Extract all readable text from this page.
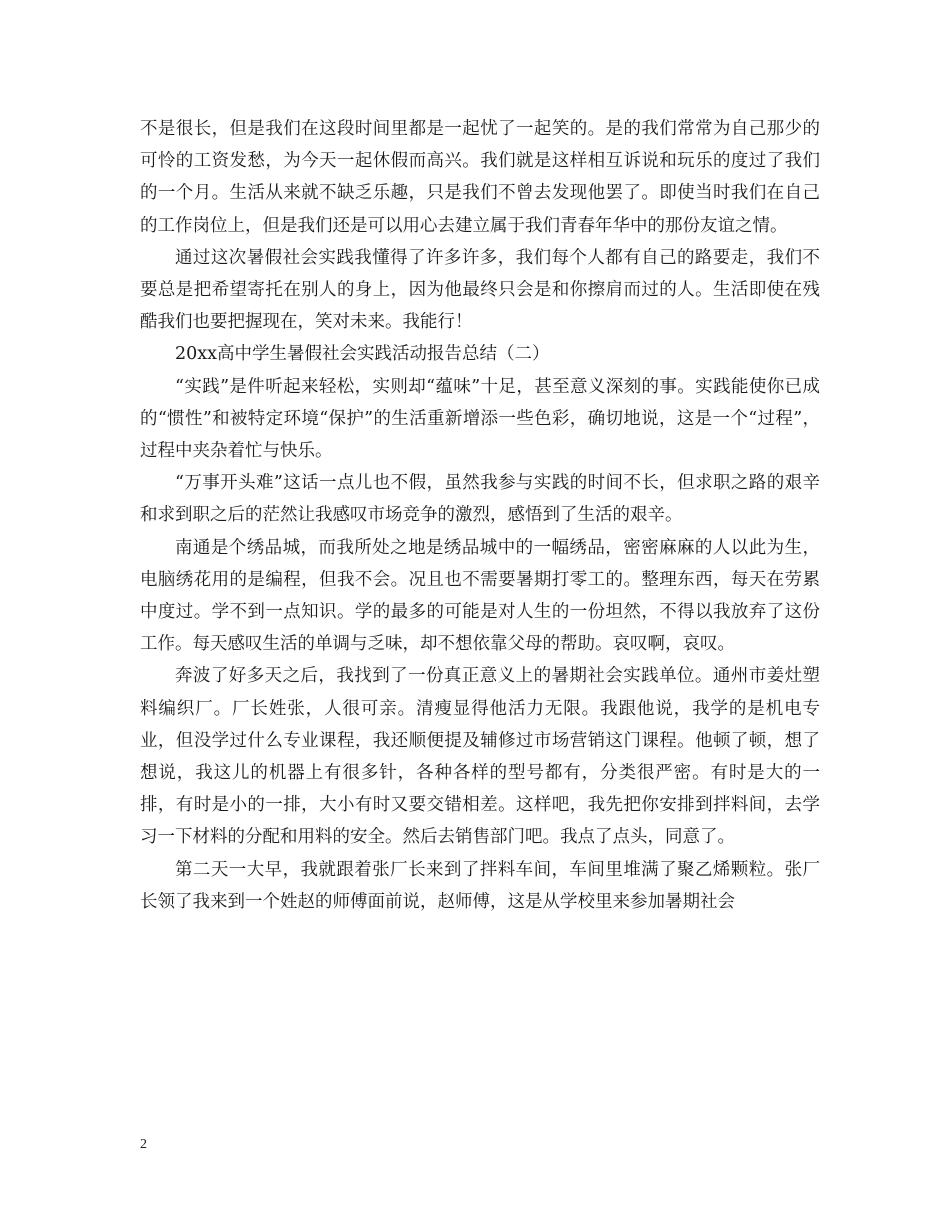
不是很长，但是我们在这段时间里都是一起忧了一起笑的。是的我们常常为自己那少的可怜的工资发愁，为今天一起休假而高兴。我们就是这样相互诉说和玩乐的度过了我们的一个月。生活从来就不缺乏乐趣，只是我们不曾去发现他罢了。即使当时我们在自己的工作岗位上，但是我们还是可以用心去建立属于我们青春年华中的那份友谊之情。

通过这次暑假社会实践我懂得了许多许多，我们每个人都有自己的路要走，我们不要总是把希望寄托在别人的身上，因为他最终只会是和你擦肩而过的人。生活即使在残酷我们也要把握现在，笑对未来。我能行！

20xx高中学生暑假社会实践活动报告总结（二）

“实践”是件听起来轻松，实则却“蕴味”十足，甚至意义深刻的事。实践能使你已成的“惯性”和被特定环境“保护”的生活重新增添一些色彩，确切地说，这是一个“过程”，过程中夹杂着忙与快乐。

“万事开头难”这话一点儿也不假，虽然我参与实践的时间不长，但求职之路的艰辛和求到职之后的茫然让我感叹市场竞争的激烈，感悟到了生活的艰辛。

南通是个绣品城，而我所处之地是绣品城中的一幅绣品，密密麻麻的人以此为生，电脑绣花用的是编程，但我不会。况且也不需要暑期打零工的。整理东西，每天在劳累中度过。学不到一点知识。学的最多的可能是对人生的一份坦然，不得以我放弃了这份工作。每天感叹生活的单调与乏味，却不想依靠父母的帮助。哀叹啊，哀叹。

奔波了好多天之后，我找到了一份真正意义上的暑期社会实践单位。通州市姜灶塑料编织厂。厂长姓张，人很可亲。清瘦显得他活力无限。我跟他说，我学的是机电专业，但没学过什么专业课程，我还顺便提及辅修过市场营销这门课程。他顿了顿，想了想说，我这儿的机器上有很多针，各种各样的型号都有，分类很严密。有时是大的一排，有时是小的一排，大小有时又要交错相差。这样吧，我先把你安排到拌料间，去学习一下材料的分配和用料的安全。然后去销售部门吧。我点了点头，同意了。

第二天一大早，我就跟着张厂长来到了拌料车间，车间里堆满了聚乙烯颗粒。张厂长领了我来到一个姓赵的师傅面前说，赵师傅，这是从学校里来参加暑期社会

2
